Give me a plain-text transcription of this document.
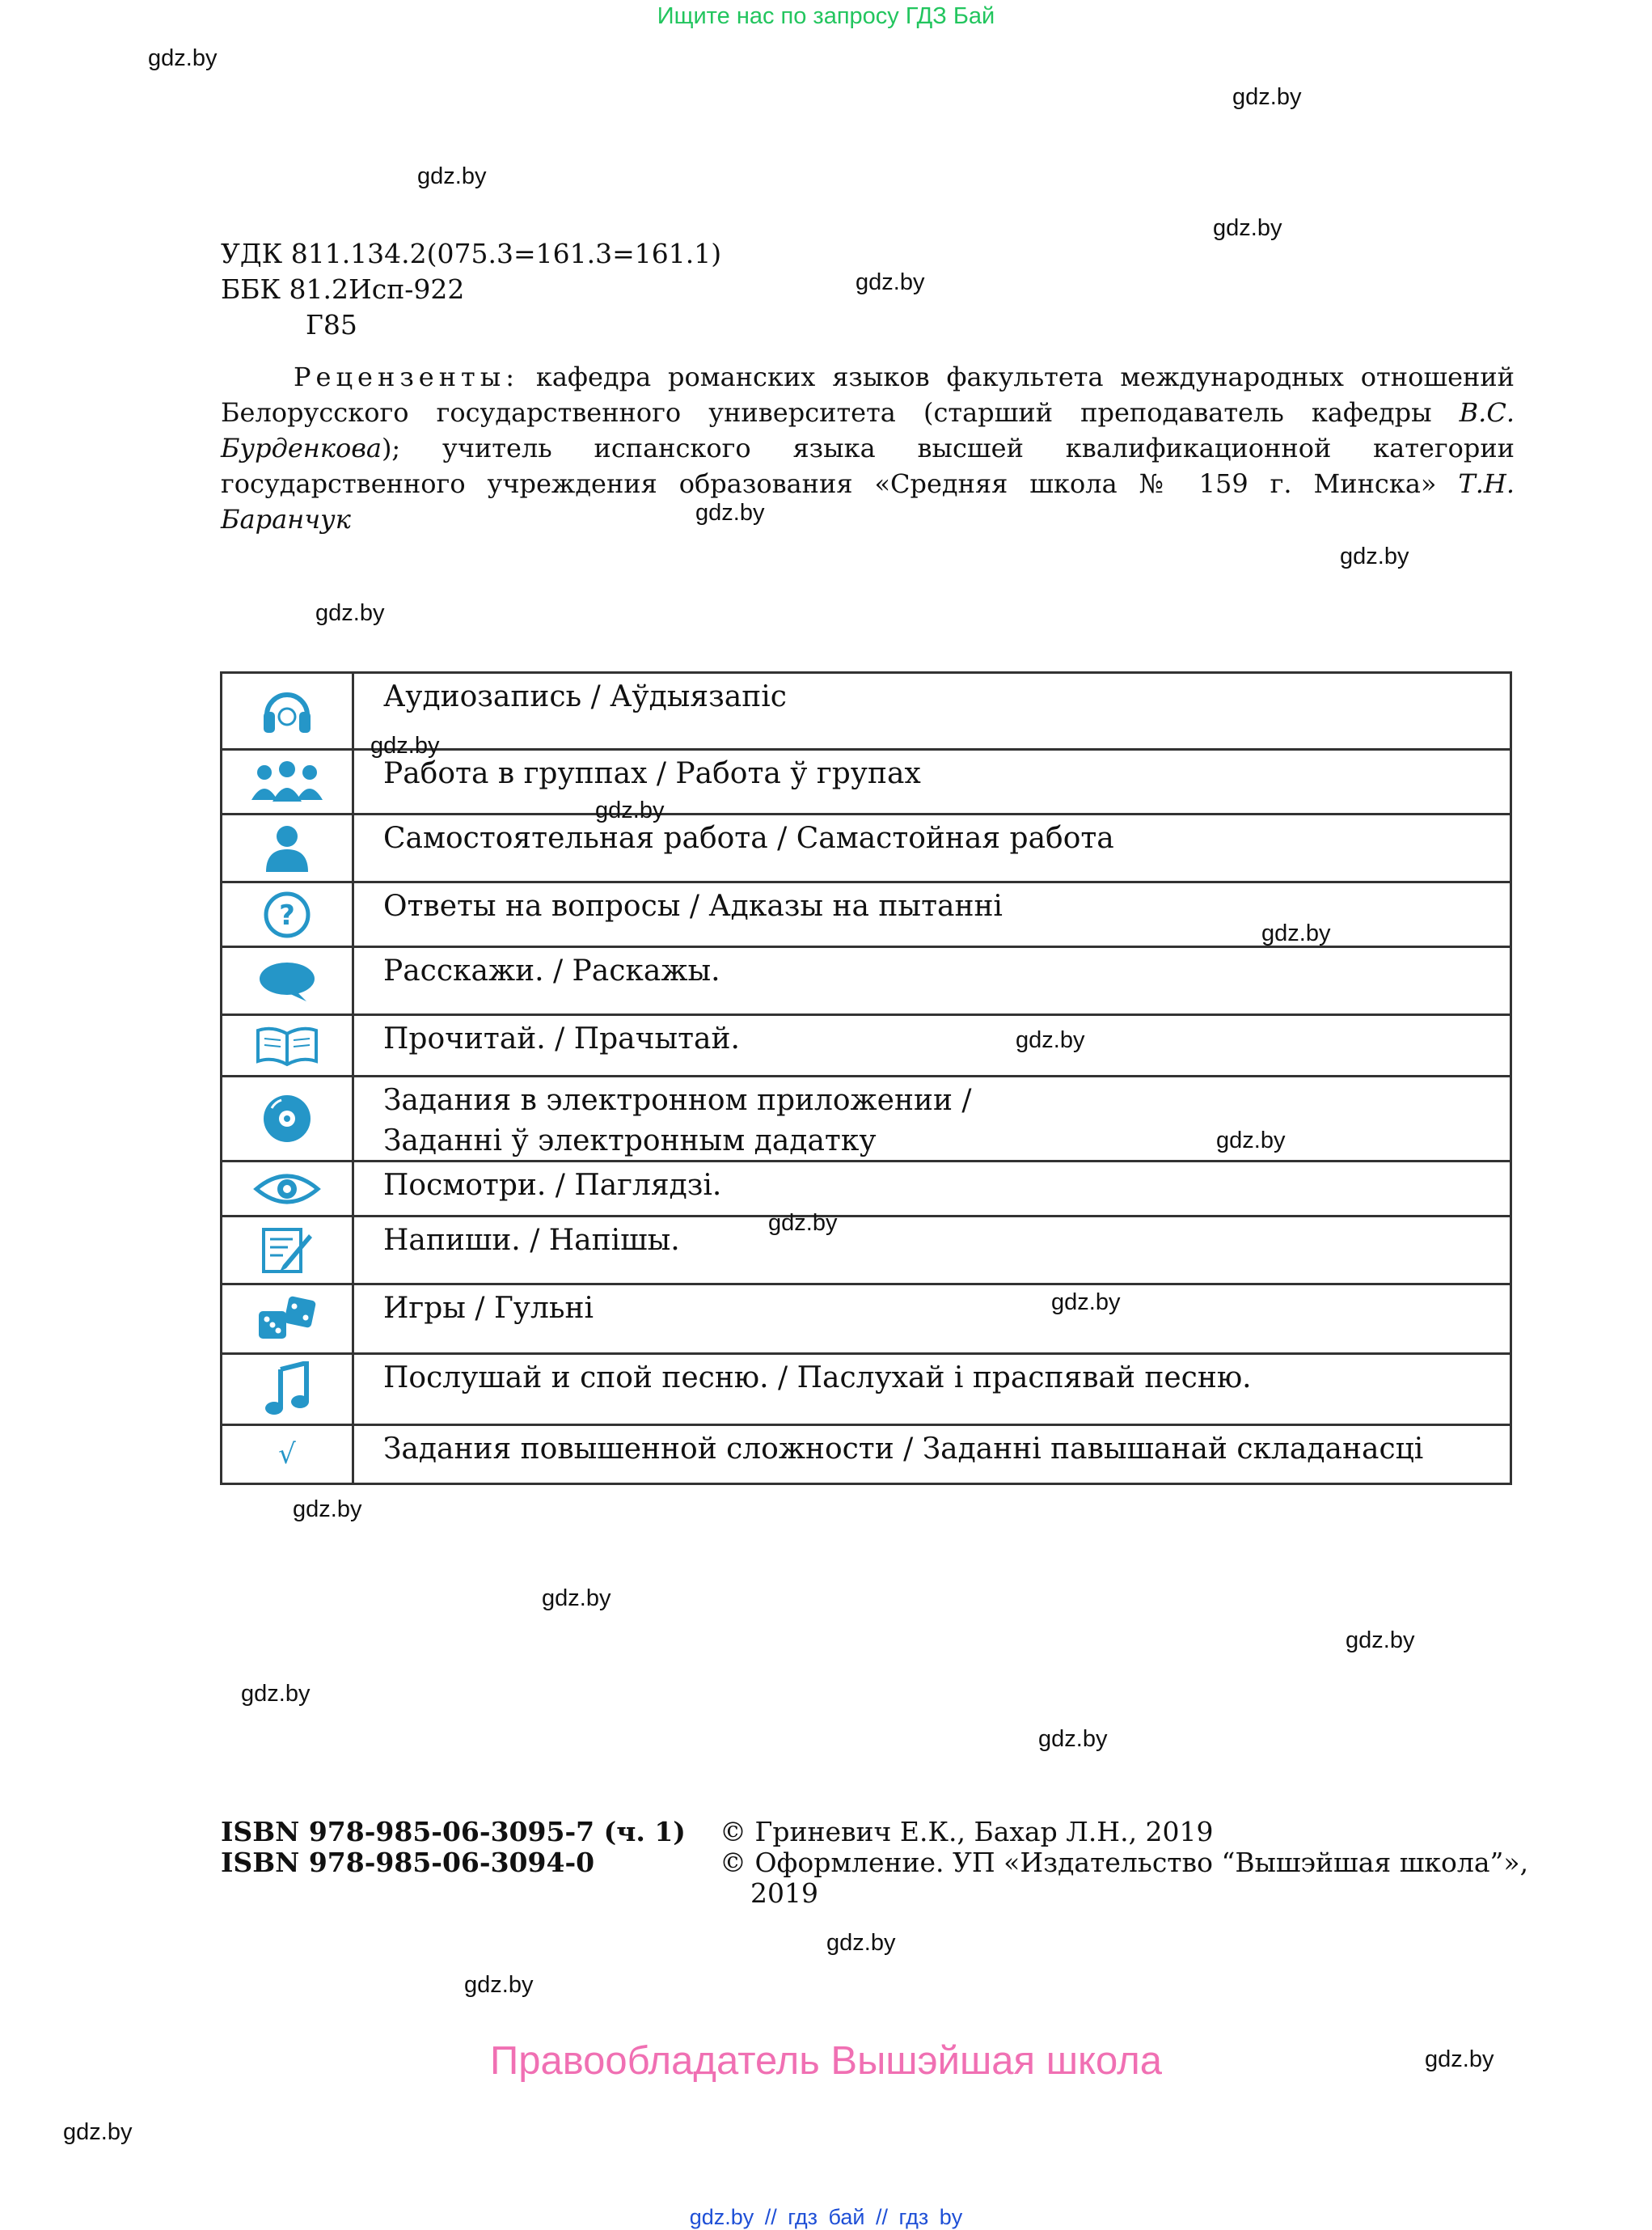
Ищите нас по запросу ГДЗ Бай
gdz.by
gdz.by
gdz.by
gdz.by
gdz.by
gdz.by
gdz.by
gdz.by
УДК 811.134.2(075.3=161.3=161.1)
ББК 81.2Исп-922
Г85
Рецензенты: кафедра романских языков факультета международных отношений Белорусского государственного университета (старший преподаватель кафедры В.С. Бурденкова); учитель испанского языка высшей квалификационной категории государственного учреждения образования «Средняя школа № 159 г. Минска» Т.Н. Баранчук
Аудиозапись / Аўдыязапіс
Работа в группах / Работа ў групах
Самостоятельная работа / Самастойная работа
?	Ответы на вопросы / Адказы на пытанні
Расскажи. / Раскажы.
Прочитай. / Прачытай.
Задания в электронном приложении /
Заданні ў электронным дадатку
Посмотри. / Паглядзі.
Напиши. / Напішы.
Игры / Гульні
Послушай и спой песню. / Паслухай і праспявай песню.
√	Задания повышенной сложности / Заданні павышанай складанасці
gdz.by
gdz.by
gdz.by
gdz.by
gdz.by
gdz.by
gdz.by
gdz.by
gdz.by
gdz.by
gdz.by
gdz.by
ISBN 978-985-06-3095-7 (ч. 1)
ISBN 978-985-06-3094-0
© Гриневич Е.К., Бахар Л.Н., 2019
© Оформление. УП «Издательство “Вышэйшая школа”»,
2019
gdz.by
gdz.by
gdz.by
gdz.by
Правообладатель Вышэйшая школа
gdz.by // гдз бай // гдз by
